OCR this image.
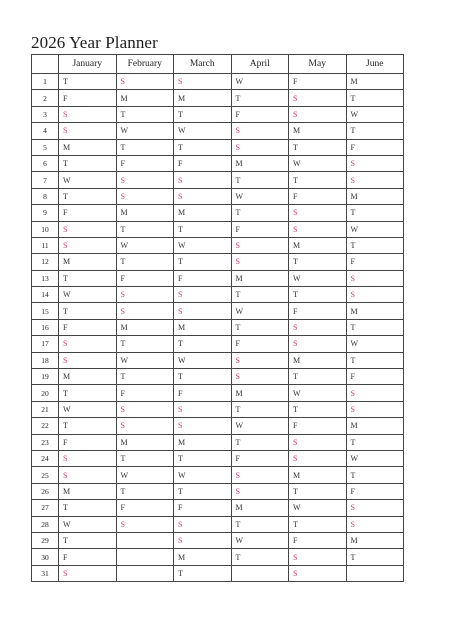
2026 Year Planner
	January	February	March	April	May	June
1	T	S	S	W	F	M
2	F	M	M	T	S	T
3	S	T	T	F	S	W
4	S	W	W	S	M	T
5	M	T	T	S	T	F
6	T	F	F	M	W	S
7	W	S	S	T	T	S
8	T	S	S	W	F	M
9	F	M	M	T	S	T
10	S	T	T	F	S	W
11	S	W	W	S	M	T
12	M	T	T	S	T	F
13	T	F	F	M	W	S
14	W	S	S	T	T	S
15	T	S	S	W	F	M
16	F	M	M	T	S	T
17	S	T	T	F	S	W
18	S	W	W	S	M	T
19	M	T	T	S	T	F
20	T	F	F	M	W	S
21	W	S	S	T	T	S
22	T	S	S	W	F	M
23	F	M	M	T	S	T
24	S	T	T	F	S	W
25	S	W	W	S	M	T
26	M	T	T	S	T	F
27	T	F	F	M	W	S
28	W	S	S	T	T	S
29	T		S	W	F	M
30	F		M	T	S	T
31	S		T		S	
